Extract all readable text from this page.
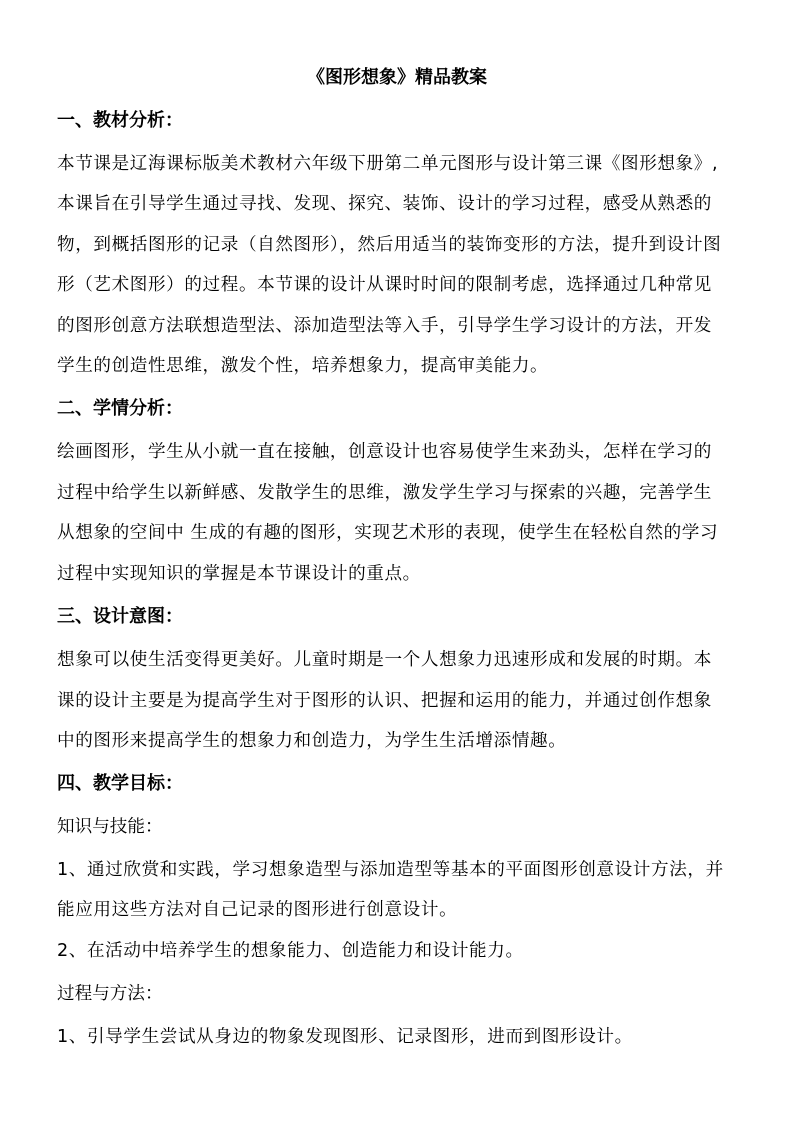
《图形想象》精品教案
一、教材分析：
本节课是辽海课标版美术教材六年级下册第二单元图形与设计第三课《图形想象》,
本课旨在引导学生通过寻找、发现、探究、装饰、设计的学习过程，感受从熟悉的
物，到概括图形的记录（自然图形），然后用适当的装饰变形的方法，提升到设计图
形（艺术图形）的过程。本节课的设计从课时时间的限制考虑，选择通过几种常见
的图形创意方法联想造型法、添加造型法等入手，引导学生学习设计的方法，开发
学生的创造性思维，激发个性，培养想象力，提高审美能力。
二、学情分析：
绘画图形，学生从小就一直在接触，创意设计也容易使学生来劲头，怎样在学习的
过程中给学生以新鲜感、发散学生的思维，激发学生学习与探索的兴趣，完善学生
从想象的空间中 生成的有趣的图形，实现艺术形的表现，使学生在轻松自然的学习
过程中实现知识的掌握是本节课设计的重点。
三、设计意图：
想象可以使生活变得更美好。儿童时期是一个人想象力迅速形成和发展的时期。本
课的设计主要是为提高学生对于图形的认识、把握和运用的能力，并通过创作想象
中的图形来提高学生的想象力和创造力，为学生生活增添情趣。
四、教学目标：
知识与技能：
1、通过欣赏和实践，学习想象造型与添加造型等基本的平面图形创意设计方法，并
能应用这些方法对自己记录的图形进行创意设计。
2、在活动中培养学生的想象能力、创造能力和设计能力。
过程与方法：
1、引导学生尝试从身边的物象发现图形、记录图形，进而到图形设计。
